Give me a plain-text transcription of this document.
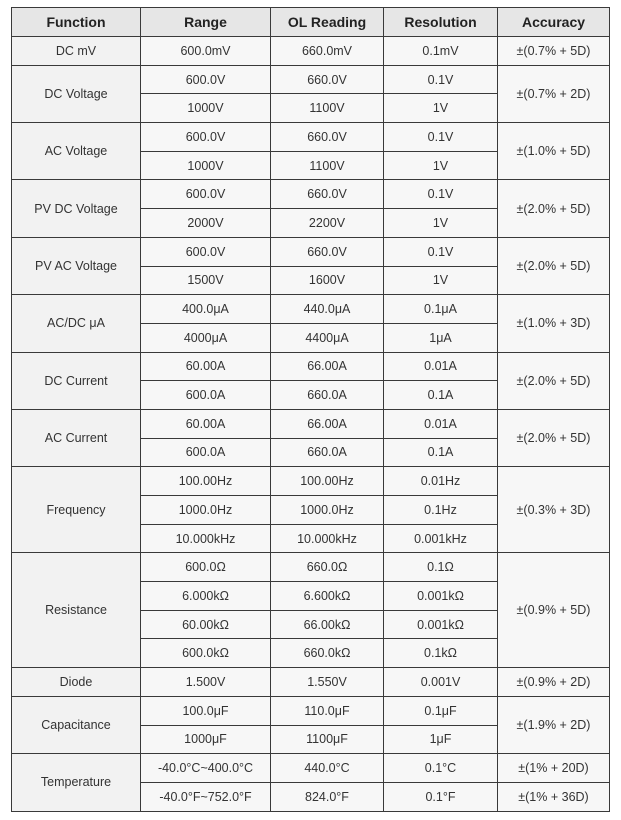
Function	Range	OL Reading	Resolution	Accuracy
DC mV	600.0mV	660.0mV	0.1mV	±(0.7% + 5D)
DC Voltage	600.0V	660.0V	0.1V	±(0.7% + 2D)
	1000V	1100V	1V	
AC Voltage	600.0V	660.0V	0.1V	±(1.0% + 5D)
	1000V	1100V	1V	
PV DC Voltage	600.0V	660.0V	0.1V	±(2.0% + 5D)
	2000V	2200V	1V	
PV AC Voltage	600.0V	660.0V	0.1V	±(2.0% + 5D)
	1500V	1600V	1V	
AC/DC μA	400.0μA	440.0μA	0.1μA	±(1.0% + 3D)
	4000μA	4400μA	1μA	
DC Current	60.00A	66.00A	0.01A	±(2.0% + 5D)
	600.0A	660.0A	0.1A	
AC Current	60.00A	66.00A	0.01A	±(2.0% + 5D)
	600.0A	660.0A	0.1A	
Frequency	100.00Hz	100.00Hz	0.01Hz	±(0.3% + 3D)
	1000.0Hz	1000.0Hz	0.1Hz	
	10.000kHz	10.000kHz	0.001kHz	
Resistance	600.0Ω	660.0Ω	0.1Ω	±(0.9% + 5D)
	6.000kΩ	6.600kΩ	0.001kΩ	
	60.00kΩ	66.00kΩ	0.001kΩ	
	600.0kΩ	660.0kΩ	0.1kΩ	
Diode	1.500V	1.550V	0.001V	±(0.9% + 2D)
Capacitance	100.0μF	110.0μF	0.1μF	±(1.9% + 2D)
	1000μF	1100μF	1μF	
Temperature	-40.0°C~400.0°C	440.0°C	0.1°C	±(1% + 20D)
	-40.0°F~752.0°F	824.0°F	0.1°F	±(1% + 36D)
